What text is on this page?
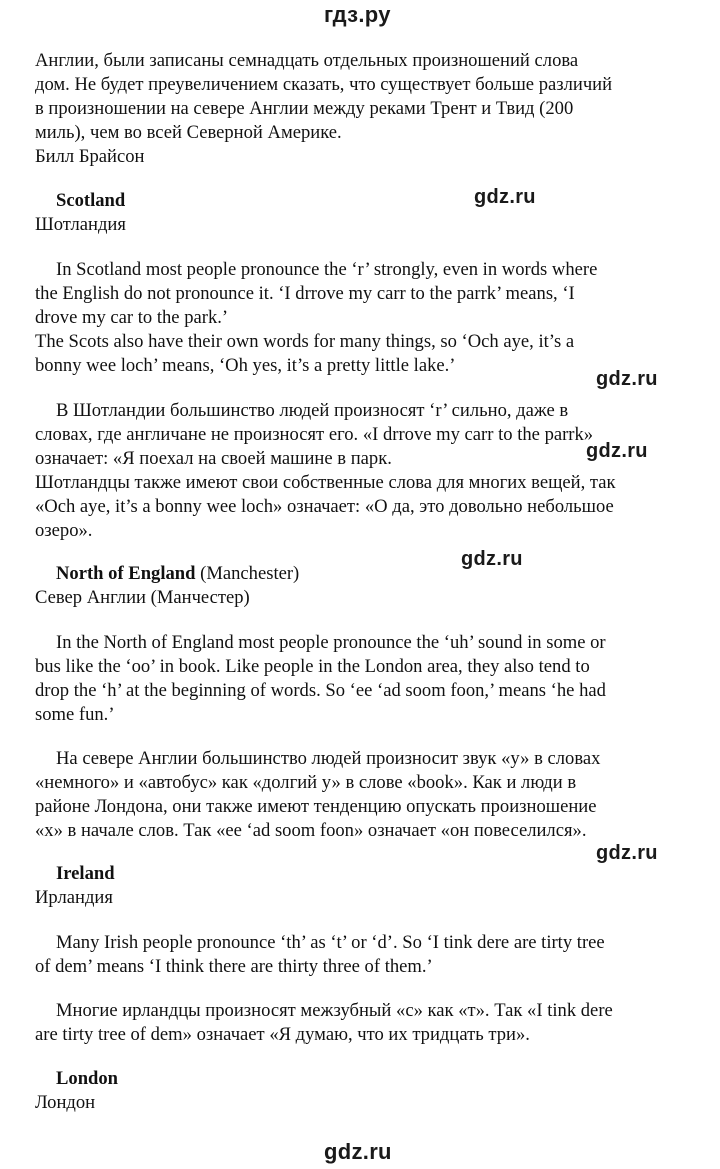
гдз.ру
gdz.ru
gdz.ru
gdz.ru
gdz.ru
gdz.ru
gdz.ru
Англии, были записаны семнадцать отдельных произношений слова
дом. Не будет преувеличением сказать, что существует больше различий
в произношении на севере Англии между реками Трент и Твид (200
миль), чем во всей Северной Америке.
Билл Брайсон
Scotland
Шотландия
In Scotland most people pronounce the ‘r’ strongly, even in words where
the English do not pronounce it. ‘I drrove my carr to the parrk’ means, ‘I
drove my car to the park.’
The Scots also have their own words for many things, so ‘Och aye, it’s a
bonny wee loch’ means, ‘Oh yes, it’s a pretty little lake.’
В Шотландии большинство людей произносят ‘r’ сильно, даже в
словах, где англичане не произносят его. «I drrove my carr to the parrk»
означает: «Я поехал на своей машине в парк.
Шотландцы также имеют свои собственные слова для многих вещей, так
«Och aye, it’s a bonny wee loch» означает: «О да, это довольно небольшое
озеро».
North of England (Manchester)
Север Англии (Манчестер)
In the North of England most people pronounce the ‘uh’ sound in some or
bus like the ‘oo’ in book. Like people in the London area, they also tend to
drop the ‘h’ at the beginning of words. So ‘ee ‘ad soom foon,’ means ‘he had
some fun.’
На севере Англии большинство людей произносит звук «у» в словах
«немного» и «автобус» как «долгий у» в слове «book». Как и люди в
районе Лондона, они также имеют тенденцию опускать произношение
«х» в начале слов. Так «ee ‘ad soom foon» означает «он повеселился».
Ireland
Ирландия
Many Irish people pronounce ‘th’ as ‘t’ or ‘d’. So ‘I tink dere are tirty tree
of dem’ means ‘I think there are thirty three of them.’
Многие ирландцы произносят межзубный «с» как «т». Так «I tink dere
are tirty tree of dem» означает «Я думаю, что их тридцать три».
London
Лондон
